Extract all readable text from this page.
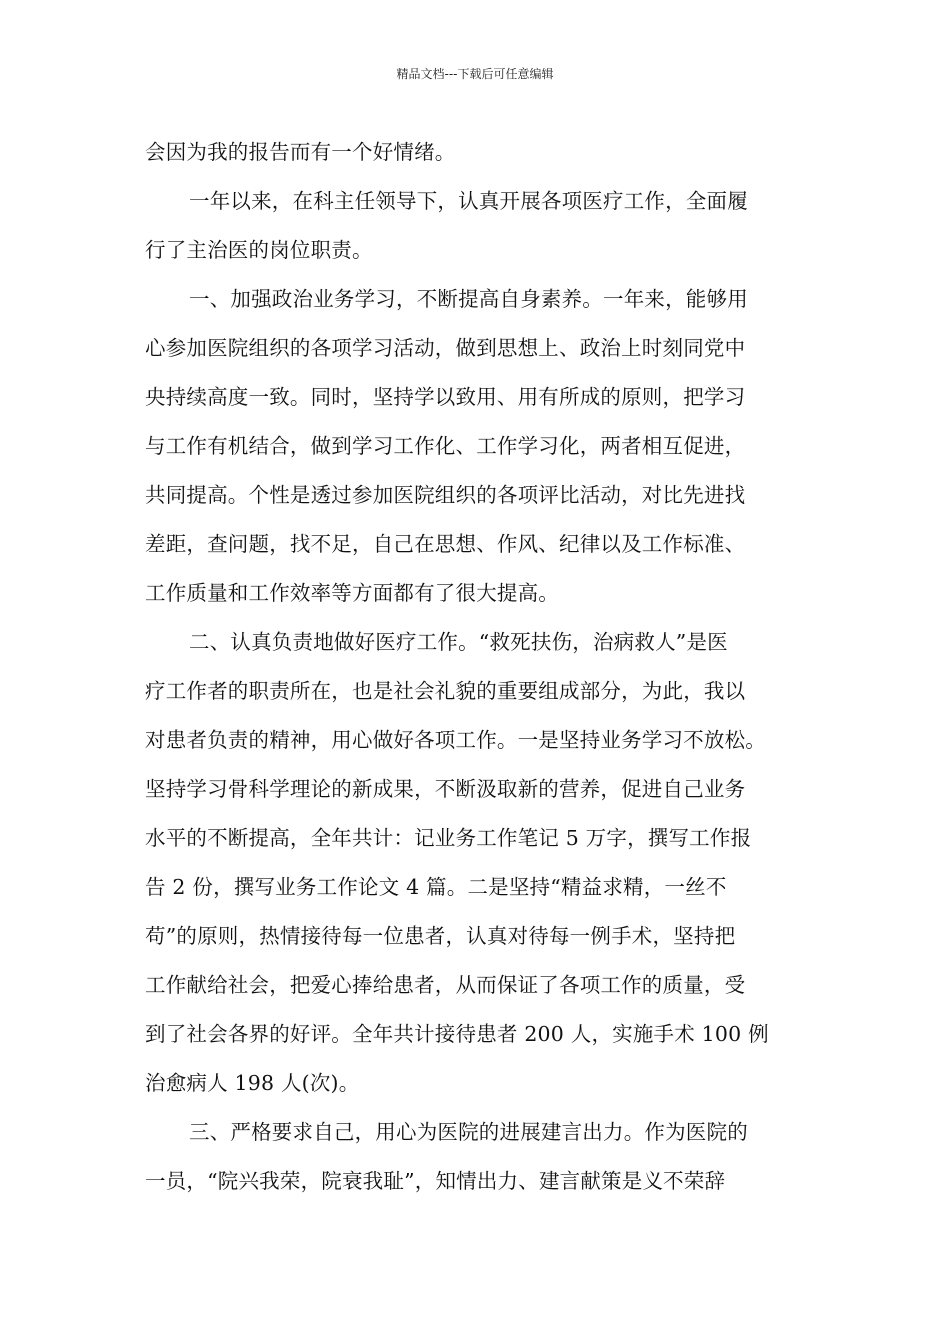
精品文档---下载后可任意编辑
会因为我的报告而有一个好情绪。
一年以来，在科主任领导下，认真开展各项医疗工作，全面履
行了主治医的岗位职责。
一、加强政治业务学习，不断提高自身素养。一年来，能够用
心参加医院组织的各项学习活动，做到思想上、政治上时刻同党中
央持续高度一致。同时，坚持学以致用、用有所成的原则，把学习
与工作有机结合，做到学习工作化、工作学习化，两者相互促进，
共同提高。个性是透过参加医院组织的各项评比活动，对比先进找
差距，查问题，找不足，自己在思想、作风、纪律以及工作标准、
工作质量和工作效率等方面都有了很大提高。
二、认真负责地做好医疗工作。“救死扶伤，治病救人”是医
疗工作者的职责所在，也是社会礼貌的重要组成部分，为此，我以
对患者负责的精神，用心做好各项工作。一是坚持业务学习不放松。
坚持学习骨科学理论的新成果，不断汲取新的营养，促进自己业务
水平的不断提高，全年共计：记业务工作笔记 5 万字，撰写工作报
告 2 份，撰写业务工作论文 4 篇。二是坚持“精益求精，一丝不
苟”的原则，热情接待每一位患者，认真对待每一例手术，坚持把
工作献给社会，把爱心捧给患者，从而保证了各项工作的质量，受
到了社会各界的好评。全年共计接待患者 200 人，实施手术 100 例
治愈病人 198 人(次)。
三、严格要求自己，用心为医院的进展建言出力。作为医院的
一员，“院兴我荣，院衰我耻”，知情出力、建言献策是义不荣辞
